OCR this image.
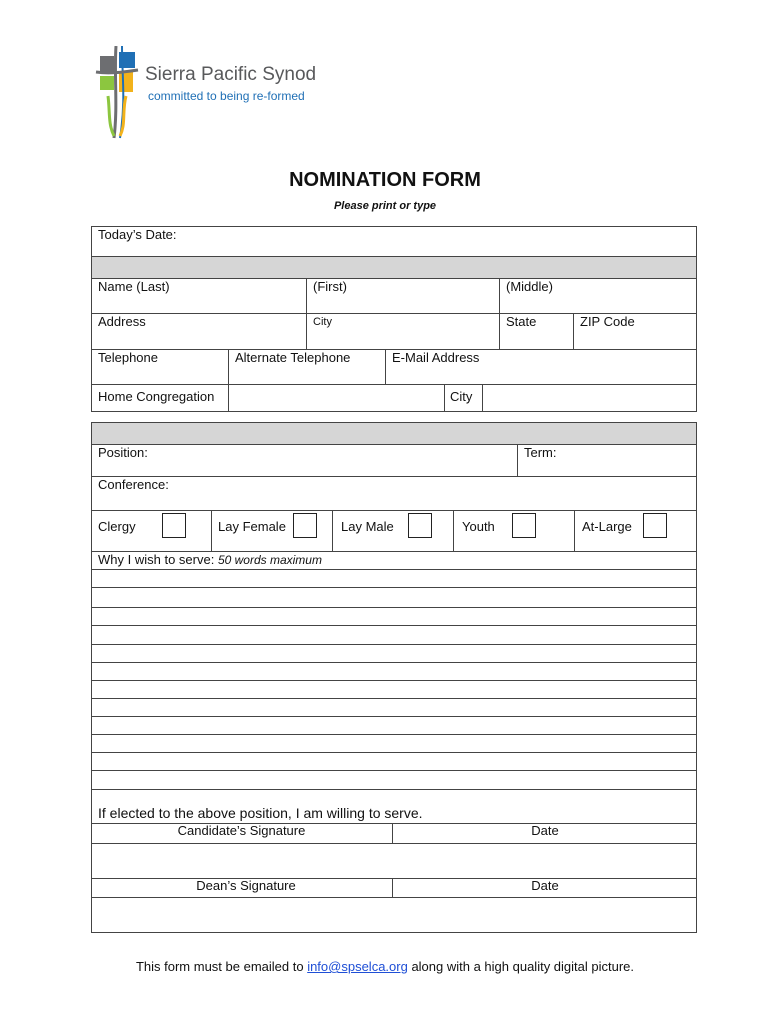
Sierra Pacific Synod
committed to being re-formed
NOMINATION FORM
Please print or type
Today’s Date:
Name (Last)	(First)	(Middle)
Address	City	State	ZIP Code
Telephone	Alternate Telephone	E-Mail Address
Home Congregation	City
Position:	Term:
Conference:
Clergy	Lay Female	Lay Male	Youth	At-Large
Why I wish to serve: 50 words maximum
If elected to the above position, I am willing to serve.
Candidate’s Signature	Date
Dean’s Signature	Date
This form must be emailed to info@spselca.org along with a high quality digital picture.
